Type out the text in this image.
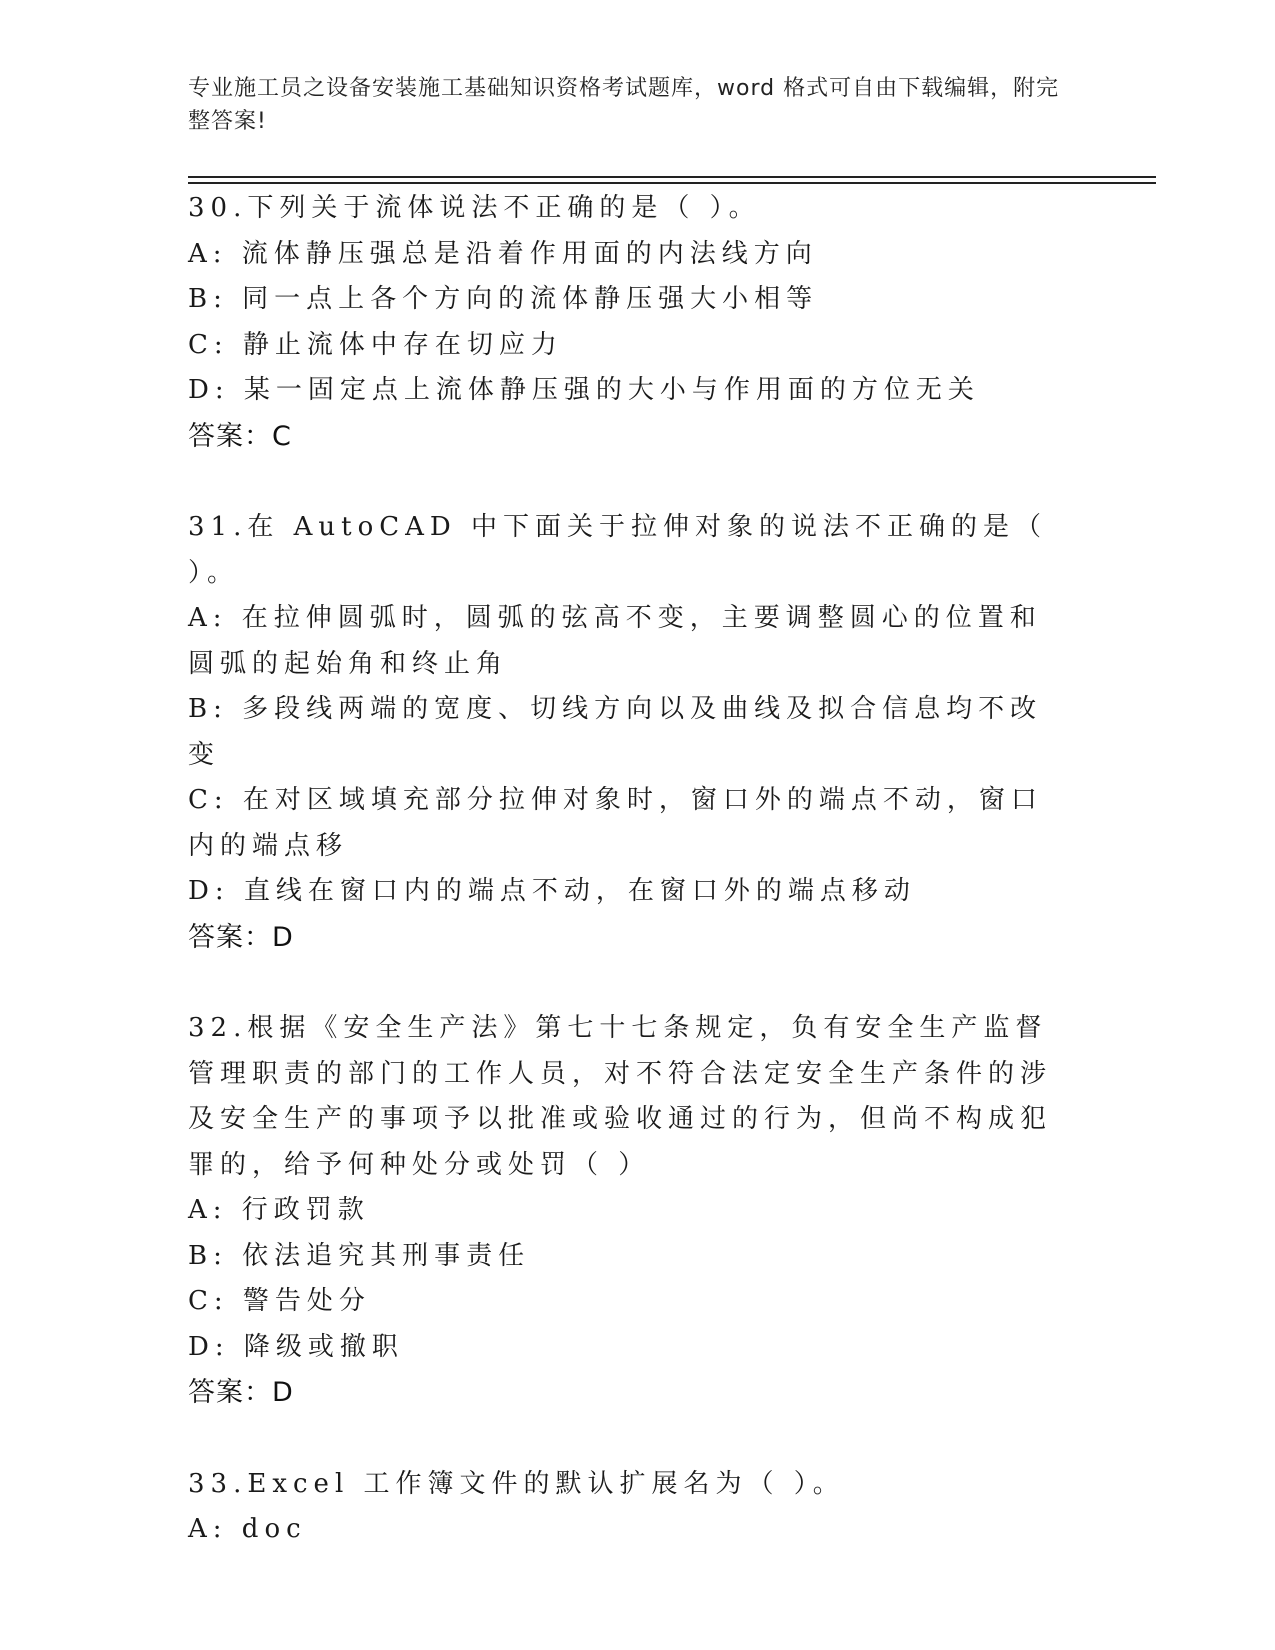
专业施工员之设备安装施工基础知识资格考试题库，word 格式可自由下载编辑，附完整答案!
30.下列关于流体说法不正确的是（ ）。
A: 流体静压强总是沿着作用面的内法线方向
B: 同一点上各个方向的流体静压强大小相等
C: 静止流体中存在切应力
D: 某一固定点上流体静压强的大小与作用面的方位无关
答案：C
31.在 AutoCAD 中下面关于拉伸对象的说法不正确的是（ ）。
A: 在拉伸圆弧时，圆弧的弦高不变，主要调整圆心的位置和圆弧的起始角和终止角
B: 多段线两端的宽度、切线方向以及曲线及拟合信息均不改变
C: 在对区域填充部分拉伸对象时，窗口外的端点不动，窗口内的端点移
D: 直线在窗口内的端点不动，在窗口外的端点移动
答案：D
32.根据《安全生产法》第七十七条规定，负有安全生产监督管理职责的部门的工作人员，对不符合法定安全生产条件的涉及安全生产的事项予以批准或验收通过的行为，但尚不构成犯罪的，给予何种处分或处罚（ ）
A: 行政罚款
B: 依法追究其刑事责任
C: 警告处分
D: 降级或撤职
答案：D
33.Excel 工作簿文件的默认扩展名为（ ）。
A: doc
